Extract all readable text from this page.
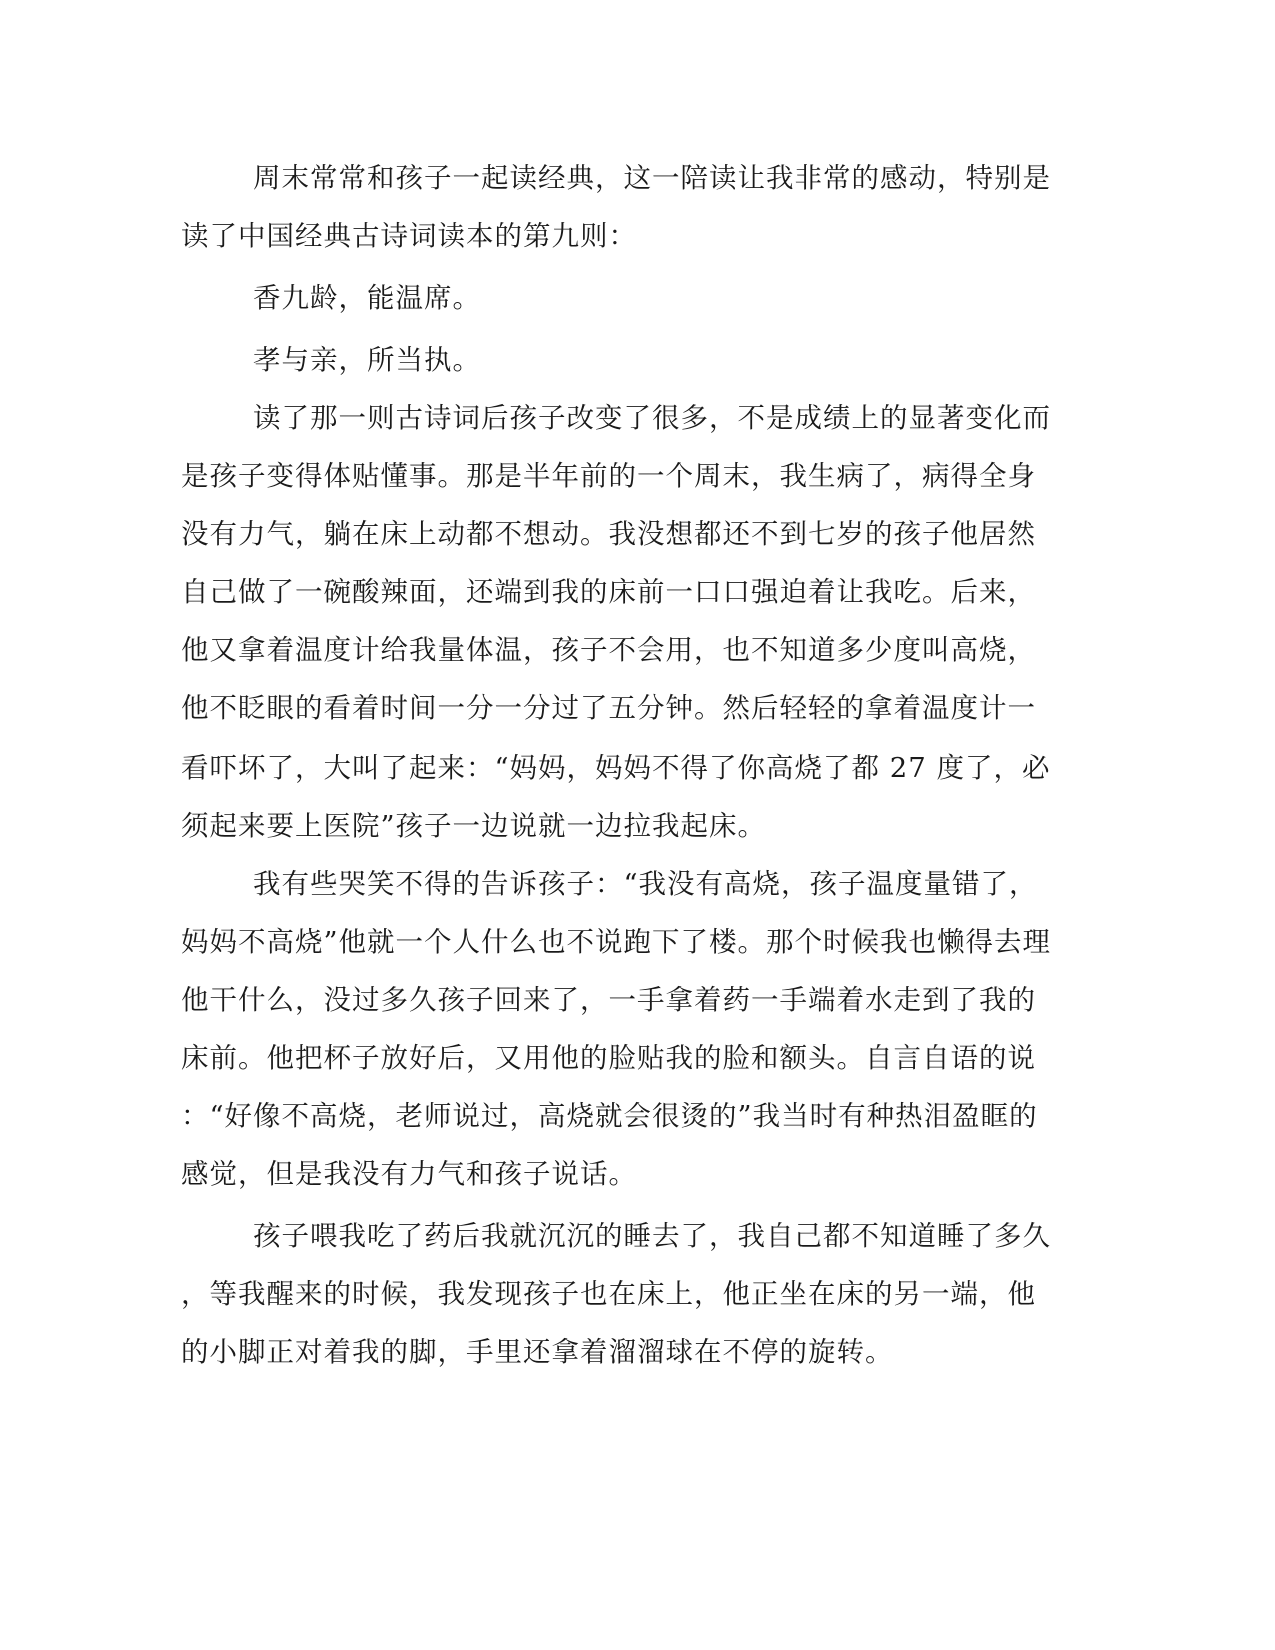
周末常常和孩子一起读经典，这一陪读让我非常的感动，特别是
读了中国经典古诗词读本的第九则：
香九龄，能温席。
孝与亲，所当执。
读了那一则古诗词后孩子改变了很多，不是成绩上的显著变化而
是孩子变得体贴懂事。那是半年前的一个周末，我生病了，病得全身
没有力气，躺在床上动都不想动。我没想都还不到七岁的孩子他居然
自己做了一碗酸辣面，还端到我的床前一口口强迫着让我吃。后来，
他又拿着温度计给我量体温，孩子不会用，也不知道多少度叫高烧，
他不眨眼的看着时间一分一分过了五分钟。然后轻轻的拿着温度计一
看吓坏了，大叫了起来：“妈妈，妈妈不得了你高烧了都 27 度了，必
须起来要上医院”孩子一边说就一边拉我起床。
我有些哭笑不得的告诉孩子：“我没有高烧，孩子温度量错了，
妈妈不高烧”他就一个人什么也不说跑下了楼。那个时候我也懒得去理
他干什么，没过多久孩子回来了，一手拿着药一手端着水走到了我的
床前。他把杯子放好后，又用他的脸贴我的脸和额头。自言自语的说
：“好像不高烧，老师说过，高烧就会很烫的”我当时有种热泪盈眶的
感觉，但是我没有力气和孩子说话。
孩子喂我吃了药后我就沉沉的睡去了，我自己都不知道睡了多久
，等我醒来的时候，我发现孩子也在床上，他正坐在床的另一端，他
的小脚正对着我的脚，手里还拿着溜溜球在不停的旋转。
